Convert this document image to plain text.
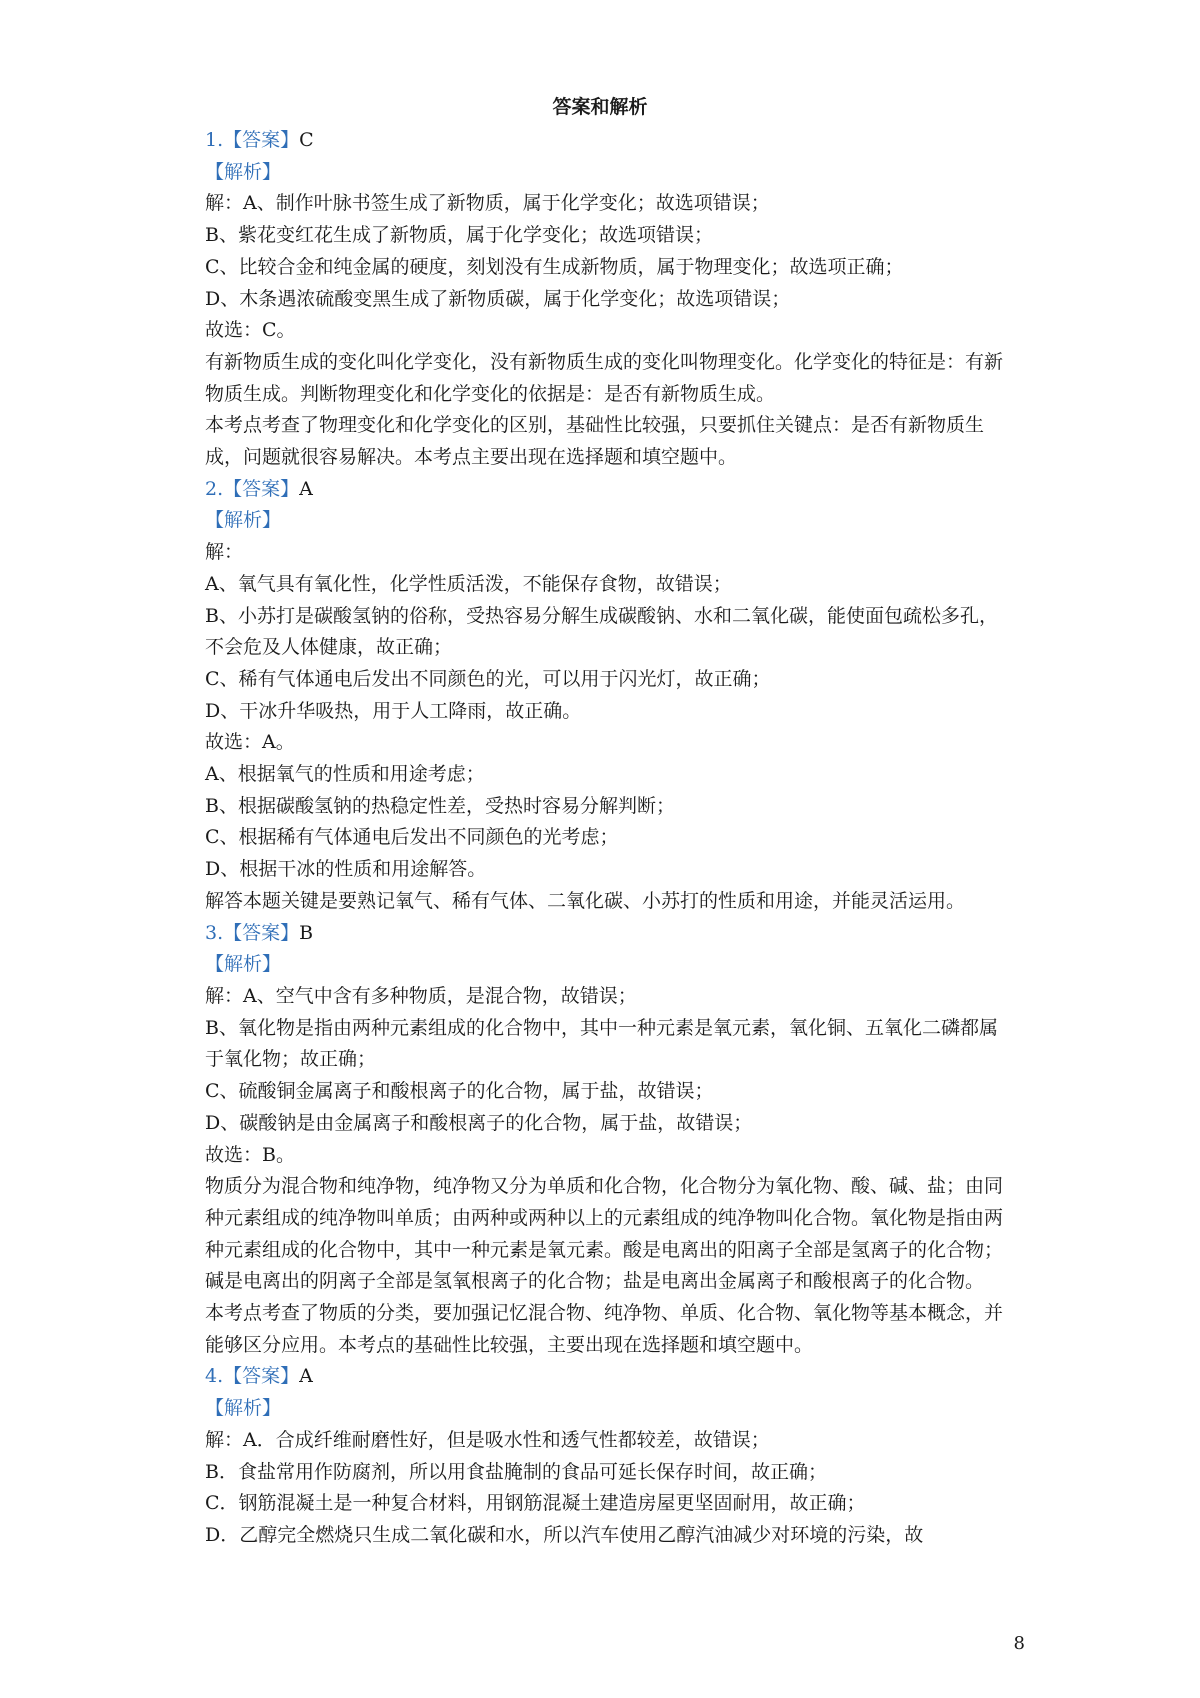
答案和解析
1.【答案】C
【解析】
解：A、制作叶脉书签生成了新物质，属于化学变化；故选项错误；
B、紫花变红花生成了新物质，属于化学变化；故选项错误；
C、比较合金和纯金属的硬度，刻划没有生成新物质，属于物理变化；故选项正确；
D、木条遇浓硫酸变黑生成了新物质碳，属于化学变化；故选项错误；
故选：C。
有新物质生成的变化叫化学变化，没有新物质生成的变化叫物理变化。化学变化的特征是：有新物质生成。判断物理变化和化学变化的依据是：是否有新物质生成。
本考点考查了物理变化和化学变化的区别，基础性比较强，只要抓住关键点：是否有新物质生成，问题就很容易解决。本考点主要出现在选择题和填空题中。
2.【答案】A
【解析】
解：
A、氧气具有氧化性，化学性质活泼，不能保存食物，故错误；
B、小苏打是碳酸氢钠的俗称，受热容易分解生成碳酸钠、水和二氧化碳，能使面包疏松多孔，不会危及人体健康，故正确；
C、稀有气体通电后发出不同颜色的光，可以用于闪光灯，故正确；
D、干冰升华吸热，用于人工降雨，故正确。
故选：A。
A、根据氧气的性质和用途考虑；
B、根据碳酸氢钠的热稳定性差，受热时容易分解判断；
C、根据稀有气体通电后发出不同颜色的光考虑；
D、根据干冰的性质和用途解答。
解答本题关键是要熟记氧气、稀有气体、二氧化碳、小苏打的性质和用途，并能灵活运用。
3.【答案】B
【解析】
解：A、空气中含有多种物质，是混合物，故错误；
B、氧化物是指由两种元素组成的化合物中，其中一种元素是氧元素，氧化铜、五氧化二磷都属于氧化物；故正确；
C、硫酸铜金属离子和酸根离子的化合物，属于盐，故错误；
D、碳酸钠是由金属离子和酸根离子的化合物，属于盐，故错误；
故选：B。
物质分为混合物和纯净物，纯净物又分为单质和化合物，化合物分为氧化物、酸、碱、盐；由同种元素组成的纯净物叫单质；由两种或两种以上的元素组成的纯净物叫化合物。氧化物是指由两种元素组成的化合物中，其中一种元素是氧元素。酸是电离出的阳离子全部是氢离子的化合物；碱是电离出的阴离子全部是氢氧根离子的化合物；盐是电离出金属离子和酸根离子的化合物。
本考点考查了物质的分类，要加强记忆混合物、纯净物、单质、化合物、氧化物等基本概念，并能够区分应用。本考点的基础性比较强，主要出现在选择题和填空题中。
4.【答案】A
【解析】
解：A．合成纤维耐磨性好，但是吸水性和透气性都较差，故错误；
B．食盐常用作防腐剂，所以用食盐腌制的食品可延长保存时间，故正确；
C．钢筋混凝土是一种复合材料，用钢筋混凝土建造房屋更坚固耐用，故正确；
D．乙醇完全燃烧只生成二氧化碳和水，所以汽车使用乙醇汽油减少对环境的污染，故
8
